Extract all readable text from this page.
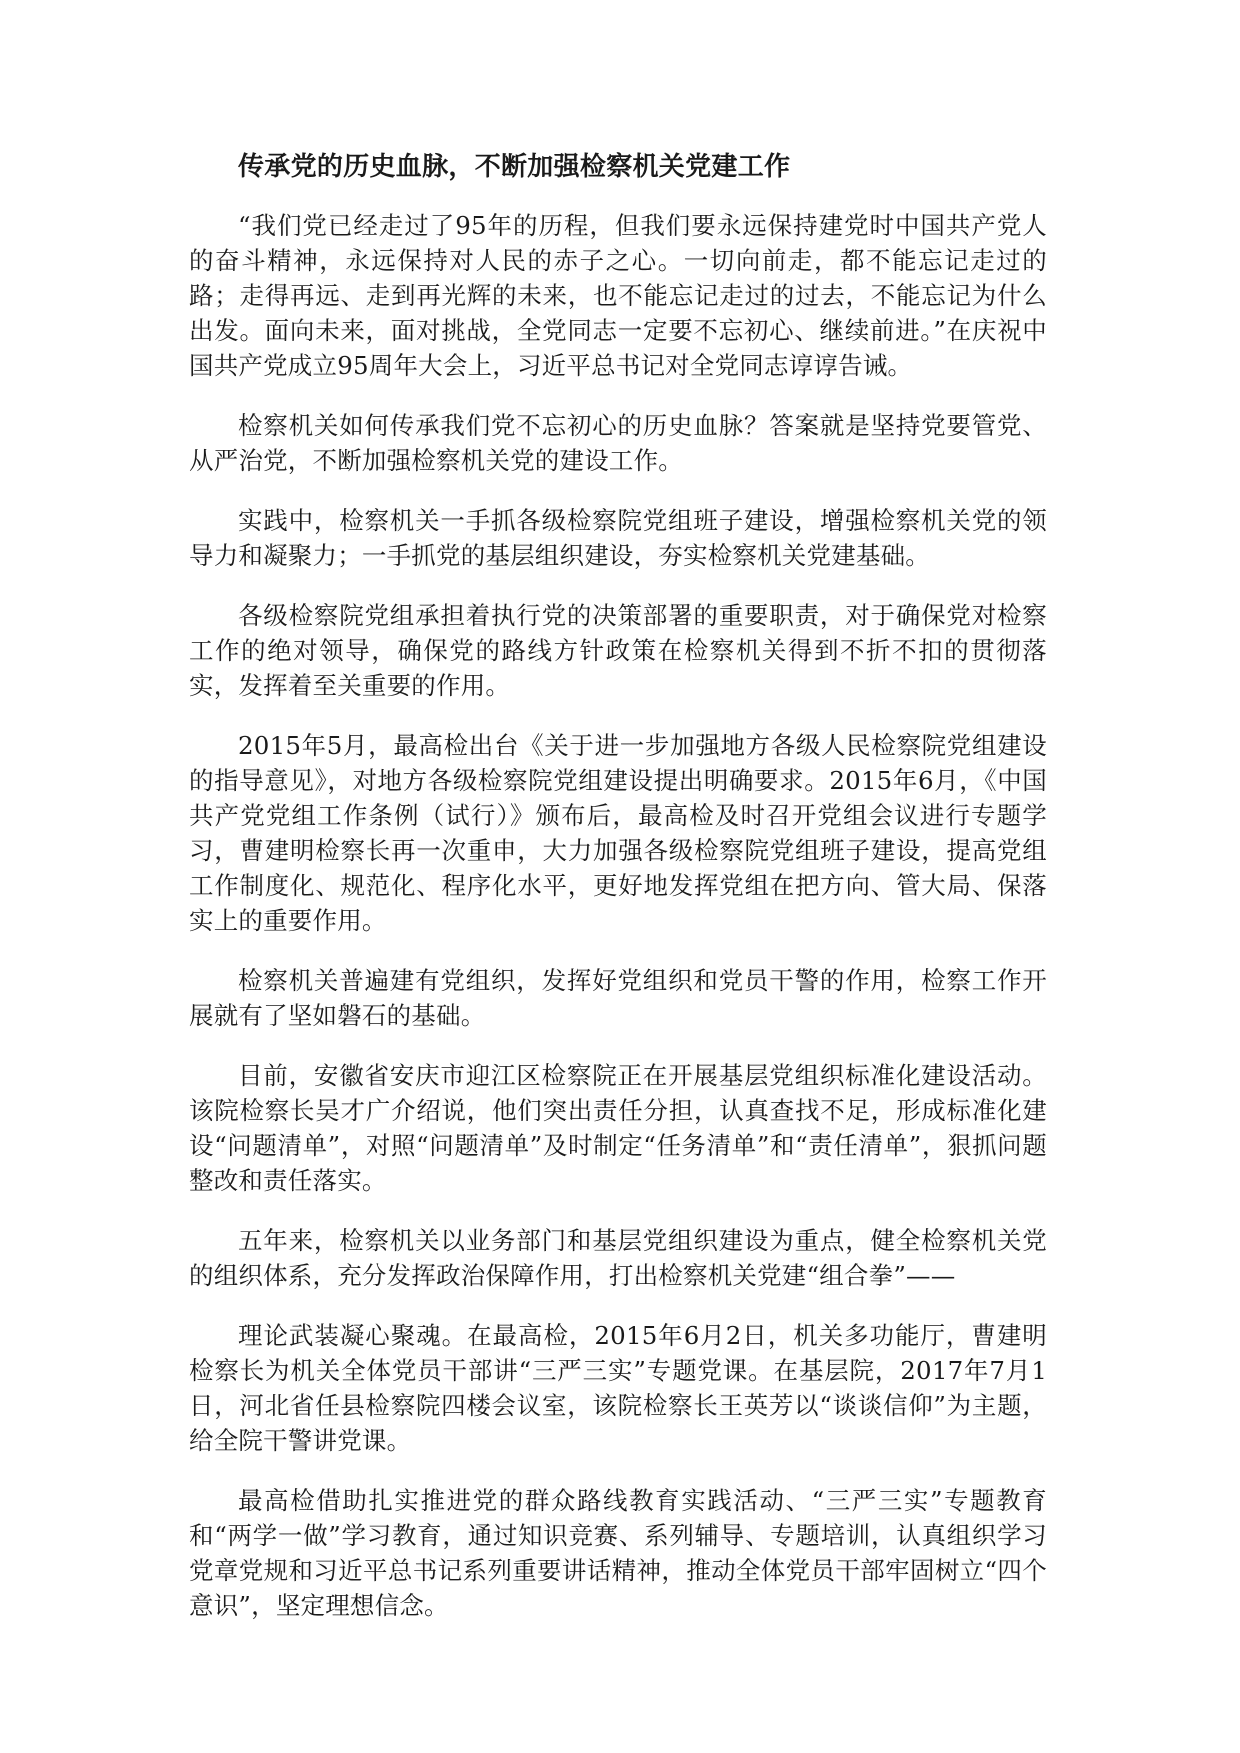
传承党的历史血脉，不断加强检察机关党建工作

“我们党已经走过了95年的历程，但我们要永远保持建党时中国共产党人的奋斗精神，永远保持对人民的赤子之心。一切向前走，都不能忘记走过的路；走得再远、走到再光辉的未来，也不能忘记走过的过去，不能忘记为什么出发。面向未来，面对挑战，全党同志一定要不忘初心、继续前进。”在庆祝中国共产党成立95周年大会上，习近平总书记对全党同志谆谆告诫。

检察机关如何传承我们党不忘初心的历史血脉？答案就是坚持党要管党、从严治党，不断加强检察机关党的建设工作。

实践中，检察机关一手抓各级检察院党组班子建设，增强检察机关党的领导力和凝聚力；一手抓党的基层组织建设，夯实检察机关党建基础。

各级检察院党组承担着执行党的决策部署的重要职责，对于确保党对检察工作的绝对领导，确保党的路线方针政策在检察机关得到不折不扣的贯彻落实，发挥着至关重要的作用。

2015年5月，最高检出台《关于进一步加强地方各级人民检察院党组建设的指导意见》，对地方各级检察院党组建设提出明确要求。2015年6月，《中国共产党党组工作条例（试行）》颁布后，最高检及时召开党组会议进行专题学习，曹建明检察长再一次重申，大力加强各级检察院党组班子建设，提高党组工作制度化、规范化、程序化水平，更好地发挥党组在把方向、管大局、保落实上的重要作用。

检察机关普遍建有党组织，发挥好党组织和党员干警的作用，检察工作开展就有了坚如磐石的基础。

目前，安徽省安庆市迎江区检察院正在开展基层党组织标准化建设活动。该院检察长吴才广介绍说，他们突出责任分担，认真查找不足，形成标准化建设“问题清单”，对照“问题清单”及时制定“任务清单”和“责任清单”，狠抓问题整改和责任落实。

五年来，检察机关以业务部门和基层党组织建设为重点，健全检察机关党的组织体系，充分发挥政治保障作用，打出检察机关党建“组合拳”——

理论武装凝心聚魂。在最高检，2015年6月2日，机关多功能厅，曹建明检察长为机关全体党员干部讲“三严三实”专题党课。在基层院，2017年7月1日，河北省任县检察院四楼会议室，该院检察长王英芳以“谈谈信仰”为主题，给全院干警讲党课。

最高检借助扎实推进党的群众路线教育实践活动、“三严三实”专题教育和“两学一做”学习教育，通过知识竞赛、系列辅导、专题培训，认真组织学习党章党规和习近平总书记系列重要讲话精神，推动全体党员干部牢固树立“四个意识”，坚定理想信念。
